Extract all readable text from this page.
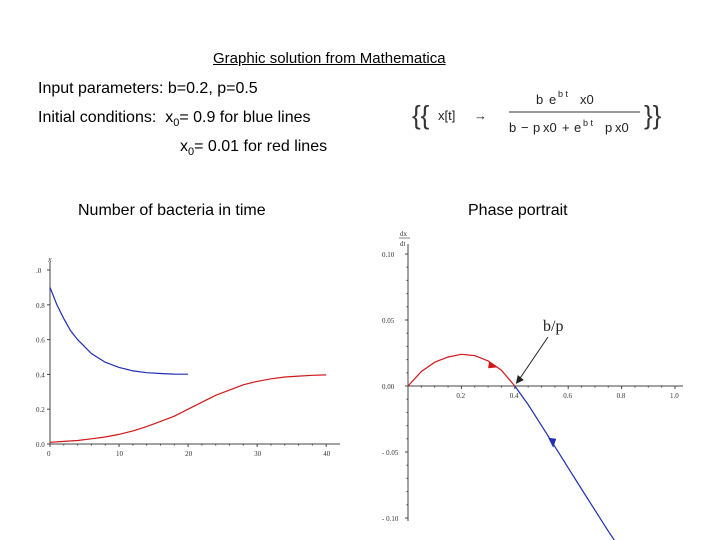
Graphic solution from Mathematica
Input parameters: b=0.2, p=0.5
Initial conditions: $x_0= 0.9$ for blue lines
$x_0= 0.01$ for red lines
{{ x[t] →
b e b t x0
b − p x0 + e b t p x0 }}
Number of bacteria in time	Phase portrait
x
0.0
0.2
0.4
0.6
0.8
.0
0	10	20	30	40
dx
dt
- 0.10
- 0.05
0.00
0.05
0.10
0.2	0.4	0.6	0.8	1.0
b/p
